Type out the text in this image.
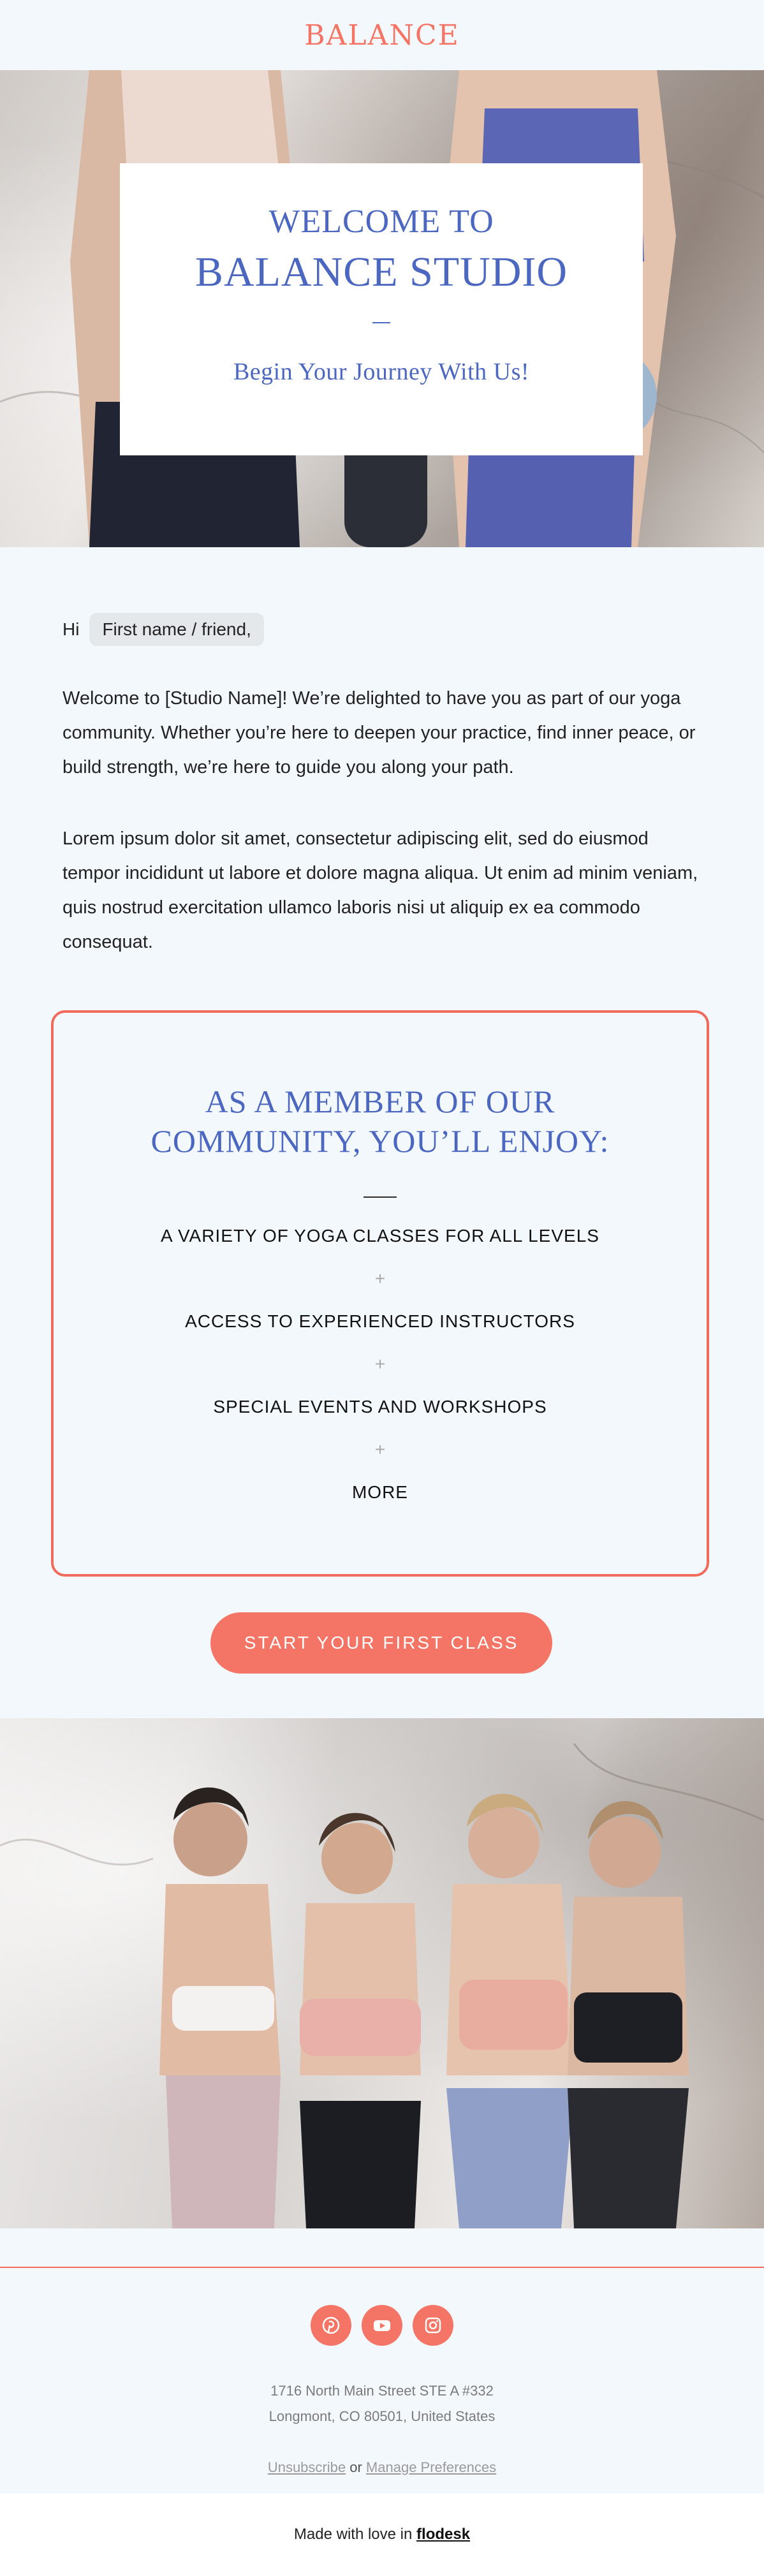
BALANCE
WELCOME TO
BALANCE STUDIO
Begin Your Journey With Us!
Hi	First name / friend,
Welcome to [Studio Name]! We’re delighted to have you as part of our yoga community. Whether you’re here to deepen your practice, find inner peace, or build strength, we’re here to guide you along your path.
Lorem ipsum dolor sit amet, consectetur adipiscing elit, sed do eiusmod tempor incididunt ut labore et dolore magna aliqua. Ut enim ad minim veniam, quis nostrud exercitation ullamco laboris nisi ut aliquip ex ea commodo consequat.
AS A MEMBER OF OUR COMMUNITY, YOU’LL ENJOY:
A VARIETY OF YOGA CLASSES FOR ALL LEVELS
+
ACCESS TO EXPERIENCED INSTRUCTORS
+
SPECIAL EVENTS AND WORKSHOPS
+
MORE
START YOUR FIRST CLASS
1716 North Main Street STE A #332
Longmont, CO 80501, United States
Unsubscribe or Manage Preferences
Made with love in flodesk
